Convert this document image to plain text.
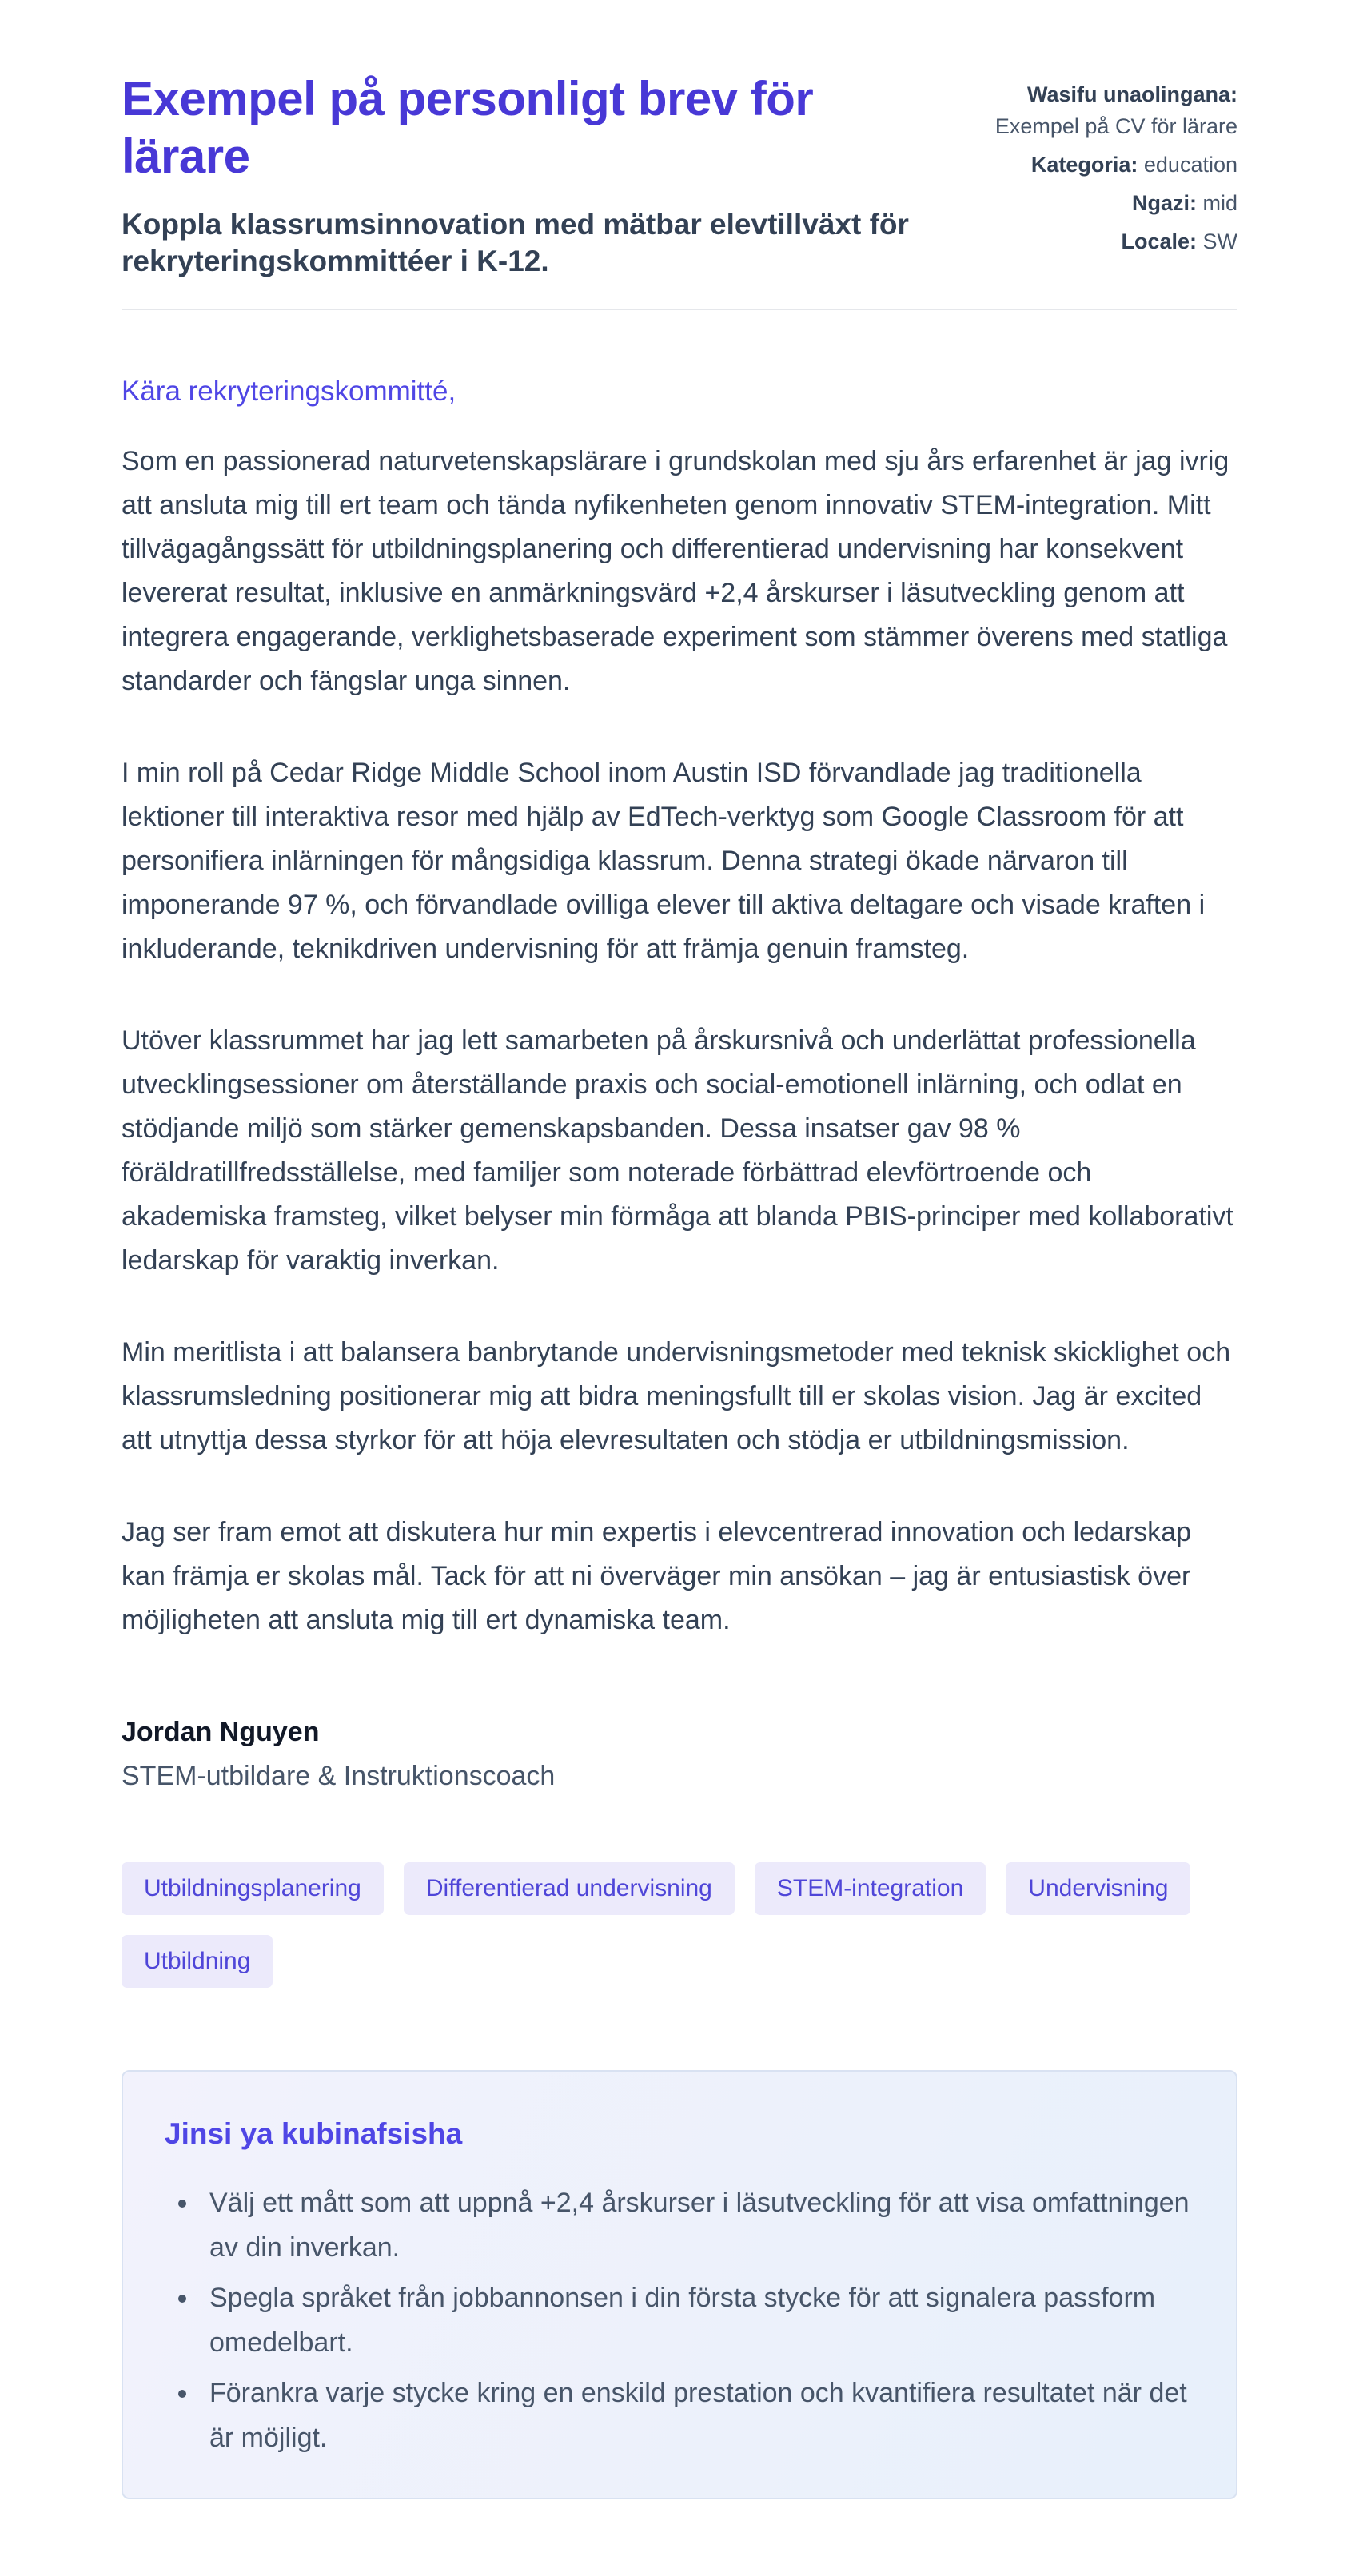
Exempel på personligt brev för lärare

Koppla klassrumsinnovation med mätbar elevtillväxt för rekryteringskommittéer i K-12.

Wasifu unaolingana: Exempel på CV för lärare
Kategoria: education
Ngazi: mid
Locale: SW

Kära rekryteringskommitté,

Som en passionerad naturvetenskapslärare i grundskolan med sju års erfarenhet är jag ivrig att ansluta mig till ert team och tända nyfikenheten genom innovativ STEM-integration. Mitt tillvägagångssätt för utbildningsplanering och differentierad undervisning har konsekvent levererat resultat, inklusive en anmärkningsvärd +2,4 årskurser i läsutveckling genom att integrera engagerande, verklighetsbaserade experiment som stämmer överens med statliga standarder och fängslar unga sinnen.

I min roll på Cedar Ridge Middle School inom Austin ISD förvandlade jag traditionella lektioner till interaktiva resor med hjälp av EdTech-verktyg som Google Classroom för att personifiera inlärningen för mångsidiga klassrum. Denna strategi ökade närvaron till imponerande 97 %, och förvandlade ovilliga elever till aktiva deltagare och visade kraften i inkluderande, teknikdriven undervisning för att främja genuin framsteg.

Utöver klassrummet har jag lett samarbeten på årskursnivå och underlättat professionella utvecklingsessioner om återställande praxis och social-emotionell inlärning, och odlat en stödjande miljö som stärker gemenskapsbanden. Dessa insatser gav 98 % föräldratillfredsställelse, med familjer som noterade förbättrad elevförtroende och akademiska framsteg, vilket belyser min förmåga att blanda PBIS-principer med kollaborativt ledarskap för varaktig inverkan.

Min meritlista i att balansera banbrytande undervisningsmetoder med teknisk skicklighet och klassrumsledning positionerar mig att bidra meningsfullt till er skolas vision. Jag är excited att utnyttja dessa styrkor för att höja elevresultaten och stödja er utbildningsmission.

Jag ser fram emot att diskutera hur min expertis i elevcentrerad innovation och ledarskap kan främja er skolas mål. Tack för att ni överväger min ansökan – jag är entusiastisk över möjligheten att ansluta mig till ert dynamiska team.

Jordan Nguyen

STEM-utbildare & Instruktionscoach

Utbildningsplanering	Differentierad undervisning	STEM-integration	Undervisning
Utbildning
Jinsi ya kubinafsisha
• Välj ett mått som att uppnå +2,4 årskurser i läsutveckling för att visa omfattningen av din inverkan.
• Spegla språket från jobbannonsen i din första stycke för att signalera passform omedelbart.
• Förankra varje stycke kring en enskild prestation och kvantifiera resultatet när det är möjligt.
